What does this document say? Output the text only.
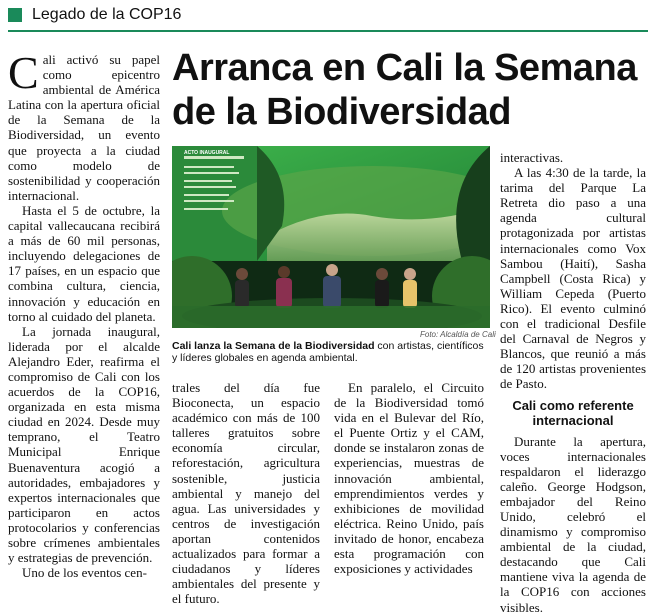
Legado de la COP16
Arranca en Cali la Semana
de la Biodiversidad

Cali activó su papel como epicentro ambiental de América Latina con la apertura oficial de la Semana de la Biodiversidad, un evento que proyecta a la ciudad como modelo de sostenibilidad y cooperación internacional.

Hasta el 5 de octubre, la capital vallecaucana recibirá a más de 60 mil personas, incluyendo delegaciones de 17 países, en un espacio que combina cultura, ciencia, innovación y educación en torno al cuidado del planeta.

La jornada inaugural, liderada por el alcalde Alejandro Eder, reafirma el compromiso de Cali con los acuerdos de la COP16, organizada en esta misma ciudad en 2024. Desde muy temprano, el Teatro Municipal Enrique Buenaventura acogió a autoridades, embajadores y expertos internacionales que participaron en actos protocolarios y conferencias sobre crímenes ambientales y estrategias de prevención.

Uno de los eventos cen-

ACTO INAUGURAL
Foto: Alcaldía de Cali
Cali lanza la Semana de la Biodiversidad con artistas, científicos y líderes globales en agenda ambiental.

trales del día fue Bioconecta, un espacio académico con más de 100 talleres gratuitos sobre economía circular, reforestación, agricultura sostenible, justicia ambiental y manejo del agua. Las universidades y centros de investigación aportan contenidos actualizados para formar a ciudadanos y líderes ambientales del presente y el futuro.

En paralelo, el Circuito de la Biodiversidad tomó vida en el Bulevar del Río, el Puente Ortiz y el CAM, donde se instalaron zonas de experiencias, muestras de innovación ambiental, emprendimientos verdes y exhibiciones de movilidad eléctrica. Reino Unido, país invitado de honor, encabeza esta programación con exposiciones y actividades

interactivas.

A las 4:30 de la tarde, la tarima del Parque La Retreta dio paso a una agenda cultural protagonizada por artistas internacionales como Vox Sambou (Haití), Sasha Campbell (Costa Rica) y William Cepeda (Puerto Rico). El evento culminó con el tradicional Desfile del Carnaval de Negros y Blancos, que reunió a más de 120 artistas provenientes de Pasto.

Cali como referente internacional

Durante la apertura, voces internacionales respaldaron el liderazgo caleño. George Hodgson, embajador del Reino Unido, celebró el dinamismo y compromiso ambiental de la ciudad, destacando que Cali mantiene viva la agenda de la COP16 con acciones visibles.
